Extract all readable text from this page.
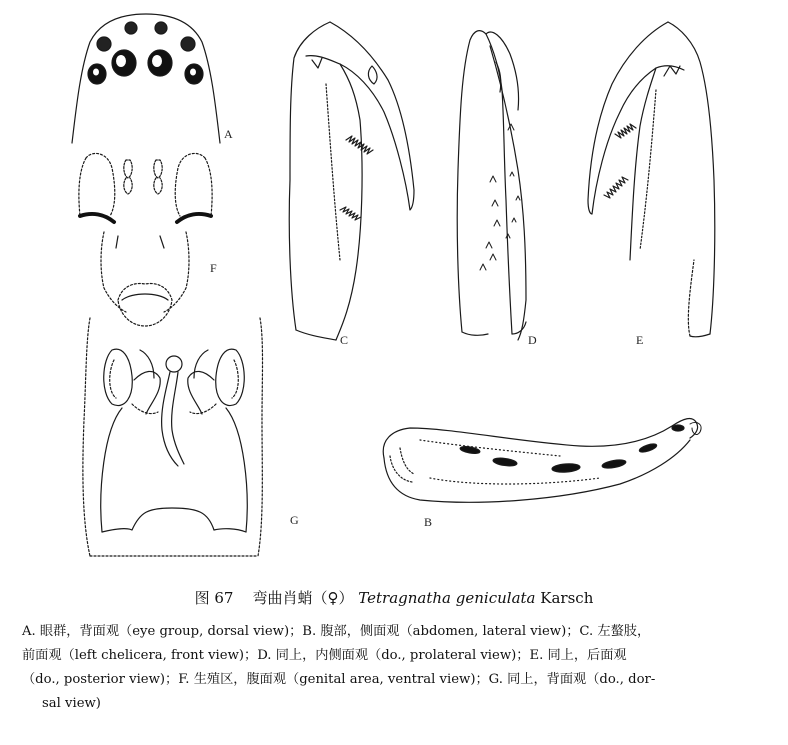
A
F
G
C	D	E
B
图 67 弯曲肖蛸（♀） Tetragnatha geniculata Karsch
A. 眼群，背面观（eye group, dorsal view)；B. 腹部，侧面观（abdomen, lateral view)；C. 左螯肢，
前面观（left chelicera, front view)；D. 同上，内侧面观（do., prolateral view)；E. 同上，后面观
（do., posterior view)；F. 生殖区，腹面观（genital area, ventral view)；G. 同上，背面观（do., dor-
sal view)
